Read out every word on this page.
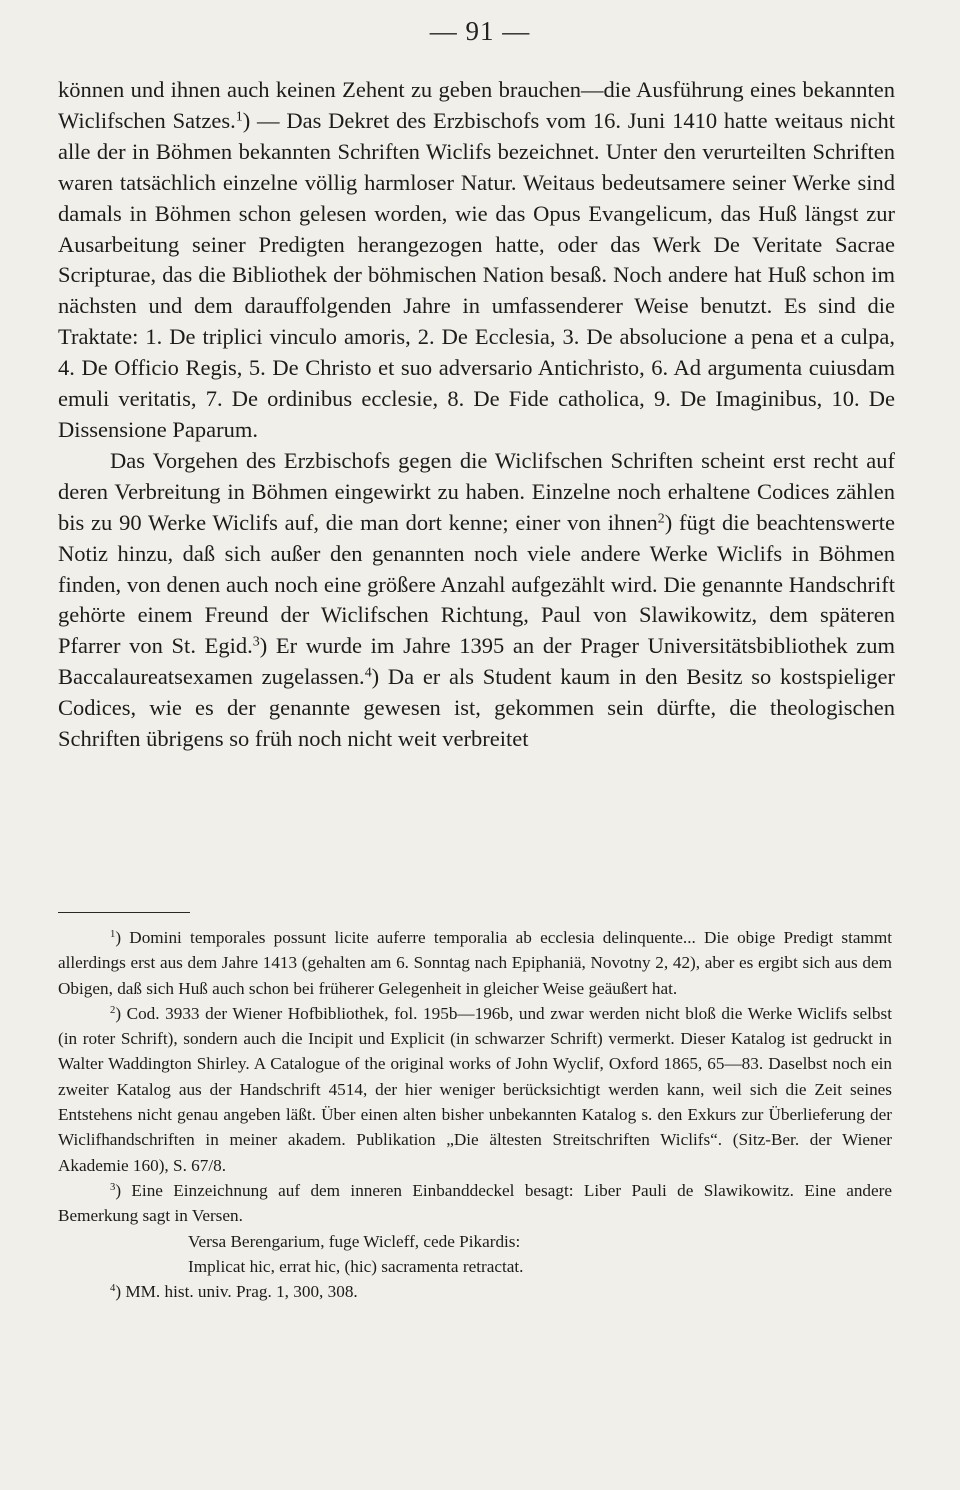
— 91 —

können und ihnen auch keinen Zehent zu geben brauchen—die Ausführung eines bekannten Wiclifschen Satzes.$^1$) — Das Dekret des Erzbischofs vom 16. Juni 1410 hatte weitaus nicht alle der in Böhmen bekannten Schriften Wiclifs bezeichnet. Unter den verurteilten Schriften waren tatsächlich einzelne völlig harmloser Natur. Weitaus bedeutsamere seiner Werke sind damals in Böhmen schon gelesen worden, wie das Opus Evangelicum, das Huß längst zur Ausarbeitung seiner Predigten herangezogen hatte, oder das Werk De Veritate Sacrae Scripturae, das die Bibliothek der böhmischen Nation besaß. Noch andere hat Huß schon im nächsten und dem darauffolgenden Jahre in umfassenderer Weise benutzt. Es sind die Traktate: 1. De triplici vinculo amoris, 2. De Ecclesia, 3. De absolucione a pena et a culpa, 4. De Officio Regis, 5. De Christo et suo adversario Antichristo, 6. Ad argumenta cuiusdam emuli veritatis, 7. De ordinibus ecclesie, 8. De Fide catholica, 9. De Imaginibus, 10. De Dissensione Paparum.

Das Vorgehen des Erzbischofs gegen die Wiclifschen Schriften scheint erst recht auf deren Verbreitung in Böhmen eingewirkt zu haben. Einzelne noch erhaltene Codices zählen bis zu 90 Werke Wiclifs auf, die man dort kenne; einer von ihnen$^2$) fügt die beachtenswerte Notiz hinzu, daß sich außer den genannten noch viele andere Werke Wiclifs in Böhmen finden, von denen auch noch eine größere Anzahl aufgezählt wird. Die genannte Handschrift gehörte einem Freund der Wiclifschen Richtung, Paul von Slawikowitz, dem späteren Pfarrer von St. Egid.$^3$) Er wurde im Jahre 1395 an der Prager Universitätsbibliothek zum Baccalaureatsexamen zugelassen.$^4$) Da er als Student kaum in den Besitz so kostspieliger Codices, wie es der genannte gewesen ist, gekommen sein dürfte, die theologischen Schriften übrigens so früh noch nicht weit verbreitet

$^1$) Domini temporales possunt licite auferre temporalia ab ecclesia delinquente... Die obige Predigt stammt allerdings erst aus dem Jahre 1413 (gehalten am 6. Sonntag nach Epiphaniä, Novotny 2, 42), aber es ergibt sich aus dem Obigen, daß sich Huß auch schon bei früherer Gelegenheit in gleicher Weise geäußert hat.

$^2$) Cod. 3933 der Wiener Hofbibliothek, fol. 195b—196b, und zwar werden nicht bloß die Werke Wiclifs selbst (in roter Schrift), sondern auch die Incipit und Explicit (in schwarzer Schrift) vermerkt. Dieser Katalog ist gedruckt in Walter Waddington Shirley. A Catalogue of the original works of John Wyclif, Oxford 1865, 65—83. Daselbst noch ein zweiter Katalog aus der Handschrift 4514, der hier weniger berücksichtigt werden kann, weil sich die Zeit seines Entstehens nicht genau angeben läßt. Über einen alten bisher unbekannten Katalog s. den Exkurs zur Überlieferung der Wiclifhandschriften in meiner akadem. Publikation „Die ältesten Streitschriften Wiclifs“. (Sitz-Ber. der Wiener Akademie 160), S. 67/8.

$^3$) Eine Einzeichnung auf dem inneren Einbanddeckel besagt: Liber Pauli de Slawikowitz. Eine andere Bemerkung sagt in Versen.

Versa Berengarium, fuge Wicleff, cede Pikardis:

Implicat hic, errat hic, (hic) sacramenta retractat.

$^4$) MM. hist. univ. Prag. 1, 300, 308.
